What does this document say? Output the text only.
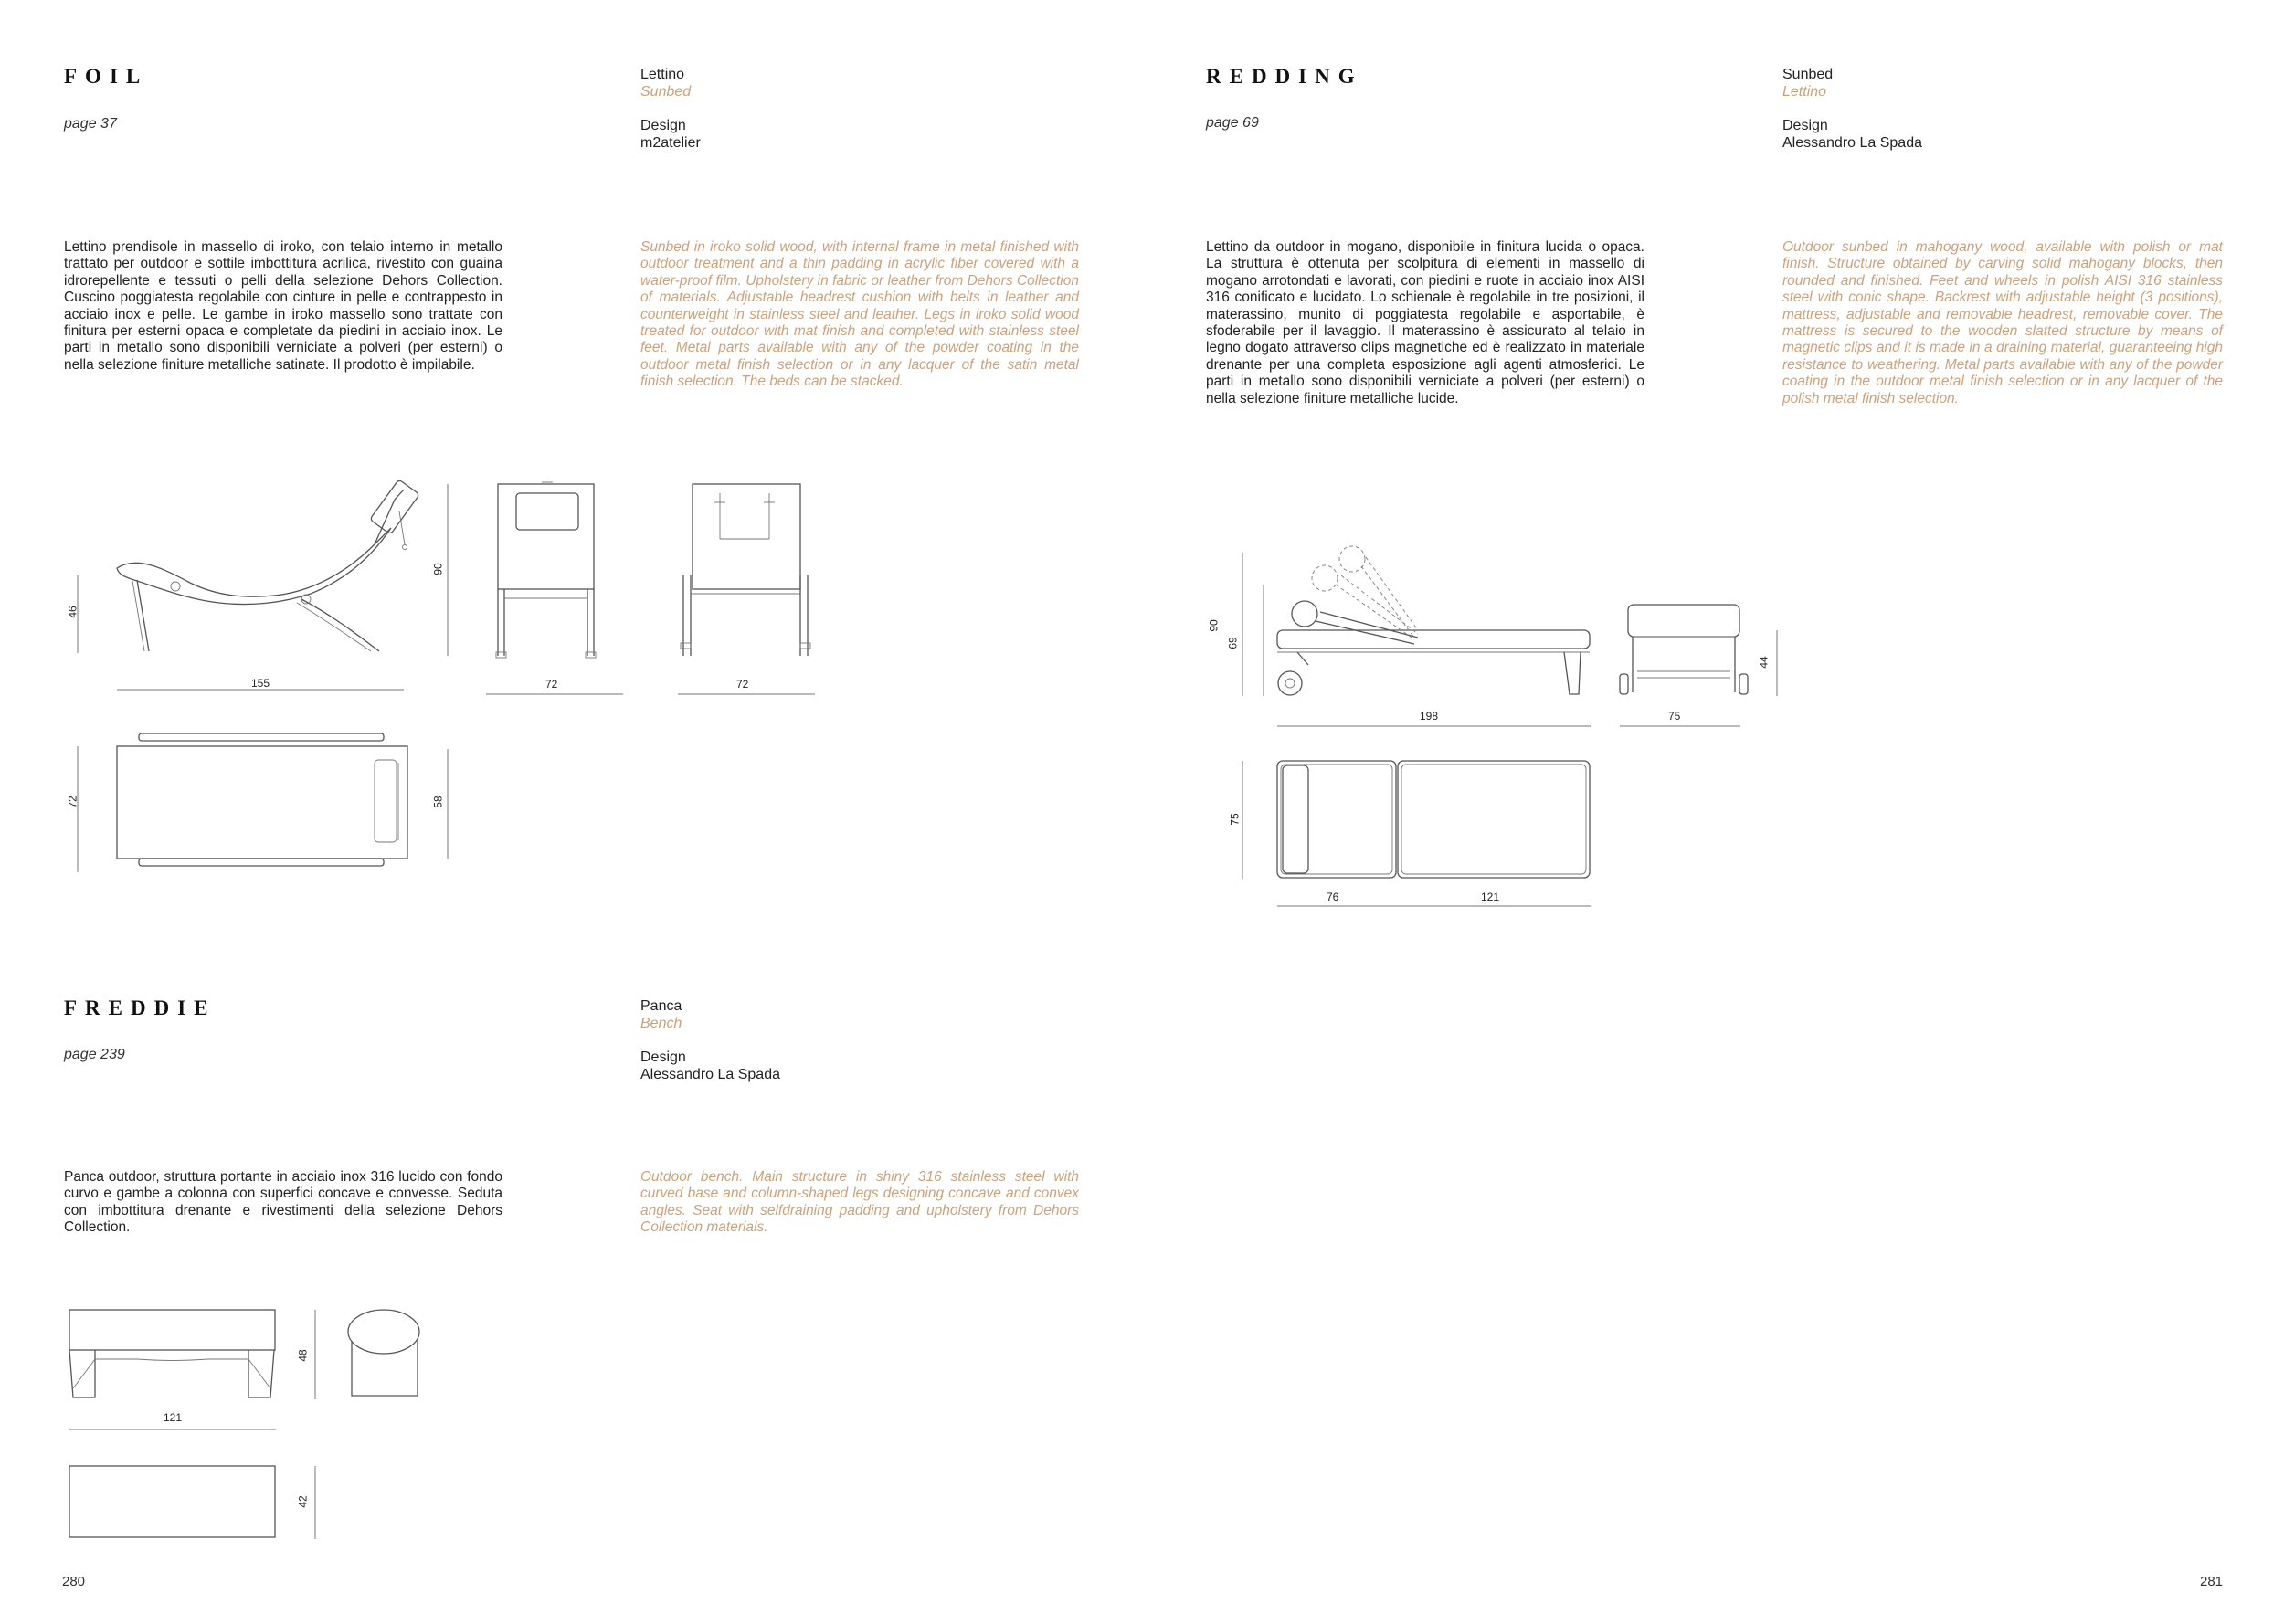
FOIL
page 37
Lettino
Sunbed
Design
m2atelier
Lettino prendisole in massello di iroko, con telaio interno in metallo trattato per outdoor e sottile imbottitura acrilica, rivestito con guaina idrorepellente e tessuti o pelli della selezione Dehors Collection. Cuscino poggiatesta regolabile con cinture in pelle e contrappesto in acciaio inox e pelle. Le gambe in iroko massello sono trattate con finitura per esterni opaca e completate da piedini in acciaio inox. Le parti in metallo sono disponibili verniciate a polveri (per esterni) o nella selezione finiture metalliche satinate. Il prodotto è impilabile.
Sunbed in iroko solid wood, with internal frame in metal finished with outdoor treatment and a thin padding in acrylic fiber covered with a water-proof film. Upholstery in fabric or leather from Dehors Collection of materials. Adjustable headrest cushion with belts in leather and counterweight in stainless steel and leather. Legs in iroko solid wood treated for outdoor with mat finish and completed with stainless steel feet. Metal parts available with any of the powder coating in the outdoor metal finish selection or in any lacquer of the satin metal finish selection. The beds can be stacked.
REDDING
page 69
Sunbed
Lettino
Design
Alessandro La Spada
Lettino da outdoor in mogano, disponibile in finitura lucida o opaca. La struttura è ottenuta per scolpitura di elementi in massello di mogano arrotondati e lavorati, con piedini e ruote in acciaio inox AISI 316 conificato e lucidato. Lo schienale è regolabile in tre posizioni, il materassino, munito di poggiatesta regolabile e asportabile, è sfoderabile per il lavaggio. Il materassino è assicurato al telaio in legno dogato attraverso clips magnetiche ed è realizzato in materiale drenante per una completa esposizione agli agenti atmosferici. Le parti in metallo sono disponibili verniciate a polveri (per esterni) o nella selezione finiture metalliche lucide.
Outdoor sunbed in mahogany wood, available with polish or mat finish. Structure obtained by carving solid mahogany blocks, then rounded and finished. Feet and wheels in polish AISI 316 stainless steel with conic shape. Backrest with adjustable height (3 positions), mattress, adjustable and removable headrest, removable cover. The mattress is secured to the wooden slatted structure by means of magnetic clips and it is made in a draining material, guaranteeing high resistance to weathering. Metal parts available with any of the powder coating in the outdoor metal finish selection or in any lacquer of the polish metal finish selection.
FREDDIE
page 239
Panca
Bench
Design
Alessandro La Spada
Panca outdoor, struttura portante in acciaio inox 316 lucido con fondo curvo e gambe a colonna con superfici concave e convesse. Seduta con imbottitura drenante e rivestimenti della selezione Dehors Collection.
Outdoor bench. Main structure in shiny 316 stainless steel with curved base and column-shaped legs designing concave and convex angles. Seat with selfdraining padding and upholstery from Dehors Collection materials.
280	281
46
155
90
72	72
72	58
90
69
198	75
44
75
76	121
48
121
42
